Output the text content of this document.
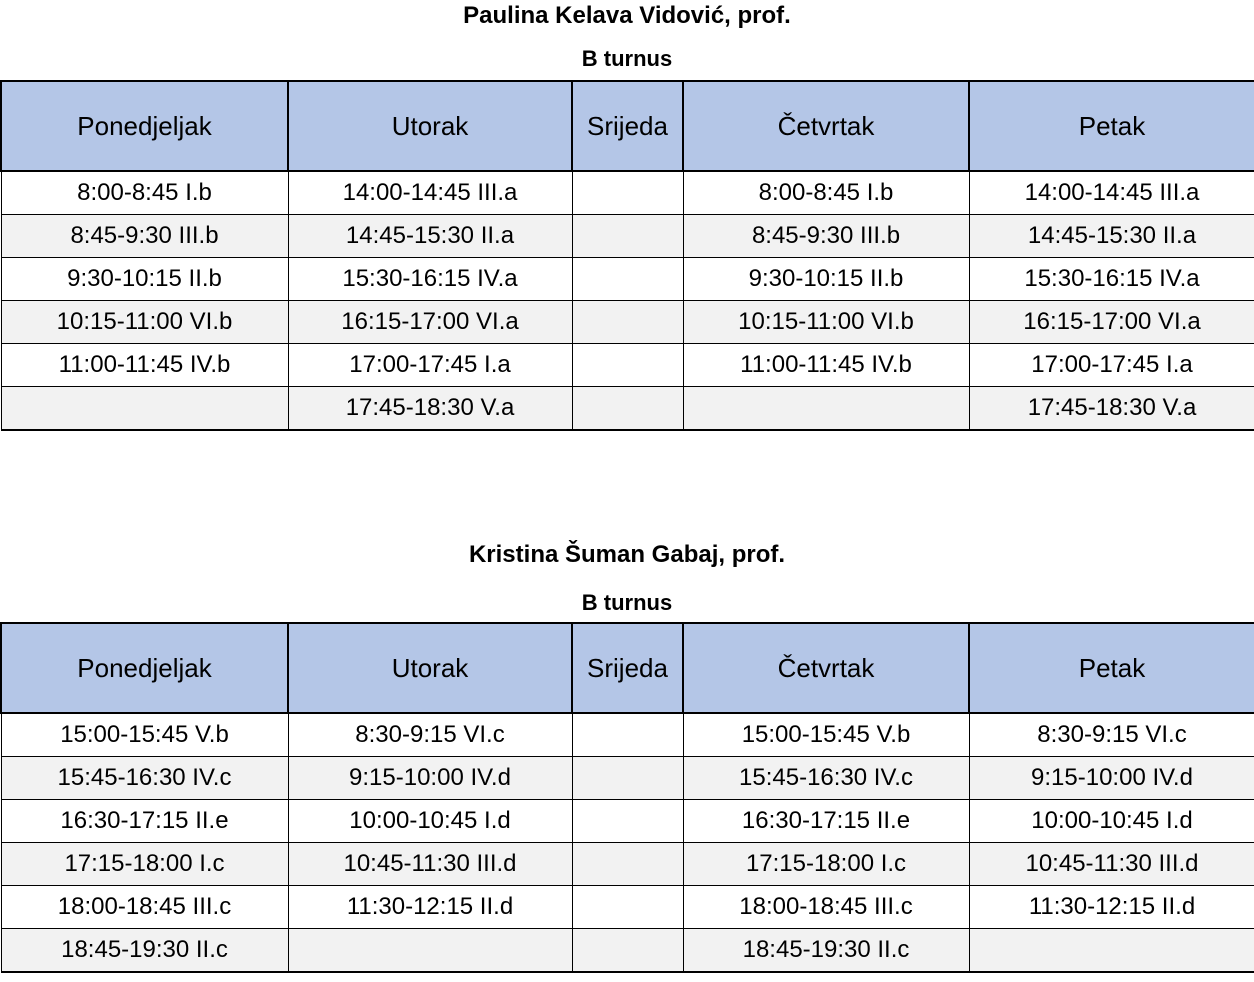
Paulina Kelava Vidović, prof.
B turnus
Ponedjeljak	Utorak	Srijeda	Četvrtak	Petak
8:00-8:45 I.b	14:00-14:45 III.a		8:00-8:45 I.b	14:00-14:45 III.a
8:45-9:30 III.b	14:45-15:30 II.a		8:45-9:30 III.b	14:45-15:30 II.a
9:30-10:15 II.b	15:30-16:15 IV.a		9:30-10:15 II.b	15:30-16:15 IV.a
10:15-11:00 VI.b	16:15-17:00 VI.a		10:15-11:00 VI.b	16:15-17:00 VI.a
11:00-11:45 IV.b	17:00-17:45 I.a		11:00-11:45 IV.b	17:00-17:45 I.a
	17:45-18:30 V.a			17:45-18:30 V.a
Kristina Šuman Gabaj, prof.
B turnus
Ponedjeljak	Utorak	Srijeda	Četvrtak	Petak
15:00-15:45 V.b	8:30-9:15 VI.c		15:00-15:45 V.b	8:30-9:15 VI.c
15:45-16:30 IV.c	9:15-10:00 IV.d		15:45-16:30 IV.c	9:15-10:00 IV.d
16:30-17:15 II.e	10:00-10:45 I.d		16:30-17:15 II.e	10:00-10:45 I.d
17:15-18:00 I.c	10:45-11:30 III.d		17:15-18:00 I.c	10:45-11:30 III.d
18:00-18:45 III.c	11:30-12:15 II.d		18:00-18:45 III.c	11:30-12:15 II.d
18:45-19:30 II.c			18:45-19:30 II.c	
